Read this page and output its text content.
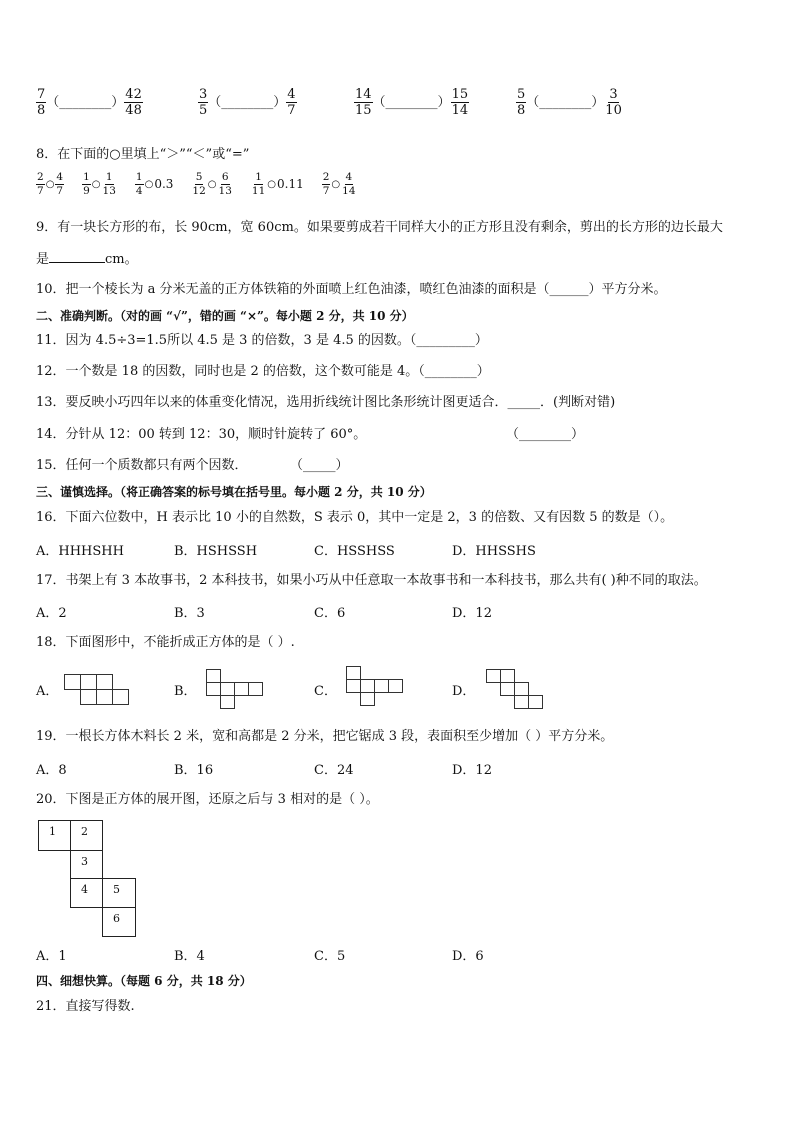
$\frac{7}{8}$ （________） $\frac{42}{48}$	$\frac{3}{5}$ （________） $\frac{4}{7}$	$\frac{14}{15}$ （________） $\frac{15}{14}$	$\frac{5}{8}$ （________） $\frac{3}{10}$
8．在下面的○里填上“＞”“＜”或“=”
$\frac{2}{7}$ ○ $\frac{4}{7} \frac{1}{9}$ ○ $\frac{1}{13} \frac{1}{4}$ ○ $0.3 \frac{5}{12}$ ○ $\frac{6}{13} \frac{1}{11}$ ○ $0.11 \frac{2}{7}$ ○ $\frac{4}{14}$
9．有一块长方形的布，长 90cm，宽 60cm。如果要剪成若干同样大小的正方形且没有剩余，剪出的长方形的边长最大
是	cm。
10．把一个棱长为 a 分米无盖的正方体铁箱的外面喷上红色油漆，喷红色油漆的面积是（______）平方分米。
二、准确判断。（对的画 “√”，错的画 “×”。每小题 2 分，共 10 分）
11．因为 4.5÷3=1.5所以 4.5 是 3 的倍数，3 是 4.5 的因数。（_________）
12．一个数是 18 的因数，同时也是 2 的倍数，这个数可能是 4。（________）
13．要反映小巧四年以来的体重变化情况，选用折线统计图比条形统计图更适合．_____．(判断对错)
14．分针从 12：00 转到 12：30，顺时针旋转了 60°。	（________）
15．任何一个质数都只有两个因数．	（_____）
三、谨慎选择。（将正确答案的标号填在括号里。每小题 2 分，共 10 分）
16．下面六位数中，H 表示比 10 小的自然数，S 表示 0，其中一定是 2，3 的倍数、又有因数 5 的数是（）。
A．HHHSHH	B．HSHSSH	C．HSSHSS	D．HHSSHS
17．书架上有 3 本故事书，2 本科技书，如果小巧从中任意取一本故事书和一本科技书，那么共有( )种不同的取法。
A．2	B．3	C．6	D．12
18．下面图形中，不能折成正方体的是（ ）.
A．	B．	C．	D．
19．一根长方体木料长 2 米，宽和高都是 2 分米，把它锯成 3 段，表面积至少增加（ ）平方分米。
A．8	B．16	C．24	D．12
20．下图是正方体的展开图，还原之后与 3 相对的是（ ）。
1	2
3
4	5
6
A．1	B．4	C．5	D．6
四、细想快算。（每题 6 分，共 18 分）
21．直接写得数.
